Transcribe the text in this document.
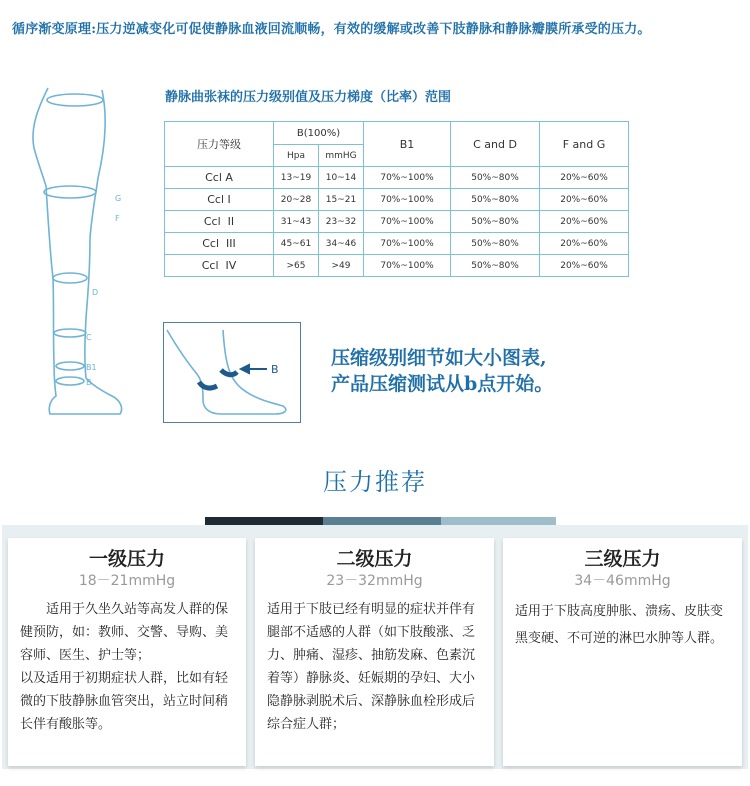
循序渐变原理:压力逆减变化可促使静脉血液回流顺畅，有效的缓解或改善下肢静脉和静脉瓣膜所承受的压力。
G
F
D
C
B1
B
静脉曲张袜的压力级别值及压力梯度（比率）范围
压力等级	B(100%)		B1	C and D	F and G
	Hpa	mmHG			
Ccl A	13~19	10~14	70%~100%	50%~80%	20%~60%
Ccl I	20~28	15~21	70%~100%	50%~80%	20%~60%
Ccl  II	31~43	23~32	70%~100%	50%~80%	20%~60%
Ccl  III	45~61	34~46	70%~100%	50%~80%	20%~60%
Ccl  IV	>65	>49	70%~100%	50%~80%	20%~60%
B
压缩级别细节如大小图表,
产品压缩测试从b点开始。
压力推荐
一级压力
18－21mmHg
适用于久坐久站等高发人群的保健预防，如：教师、交警、导购、美容师、医生、护士等；
以及适用于初期症状人群，比如有轻微的下肢静脉血管突出，站立时间稍长伴有酸胀等。
二级压力
23－32mmHg
适用于下肢已经有明显的症状并伴有腿部不适感的人群（如下肢酸涨、乏力、肿痛、湿疹、抽筋发麻、色素沉着等）静脉炎、妊娠期的孕妇、大小隐静脉剥脱术后、深静脉血栓形成后综合症人群；
三级压力
34－46mmHg
适用于下肢高度肿胀、溃疡、皮肤变黑变硬、不可逆的淋巴水肿等人群。
